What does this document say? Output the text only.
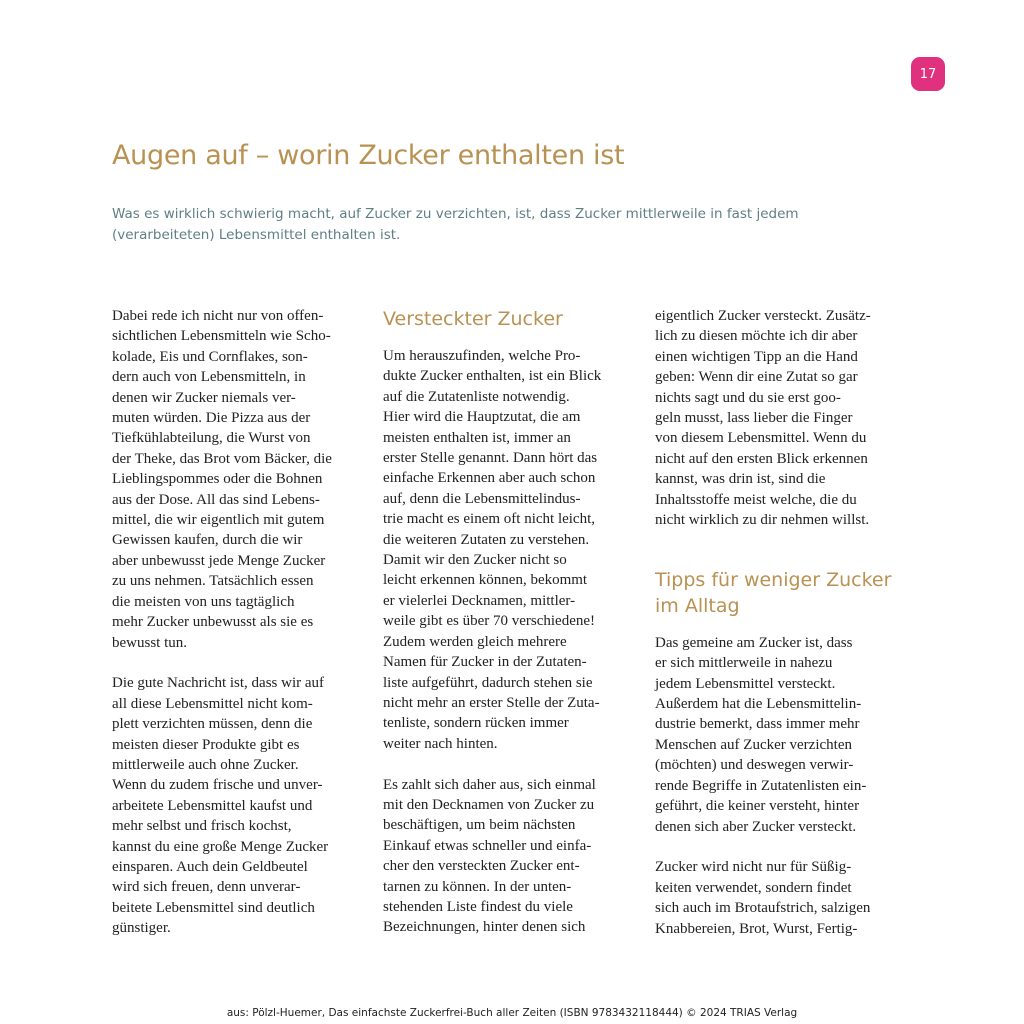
17
Augen auf – worin Zucker enthalten ist

Was es wirklich schwierig macht, auf Zucker zu verzichten, ist, dass Zucker mittlerweile in fast jedem
(verarbeiteten) Lebensmittel enthalten ist.

Dabei rede ich nicht nur von offen-
sichtlichen Lebensmitteln wie Scho-
kolade, Eis und Cornflakes, son-
dern auch von Lebensmitteln, in
denen wir Zucker niemals ver-
muten würden. Die Pizza aus der
Tiefkühlabteilung, die Wurst von
der Theke, das Brot vom Bäcker, die
Lieblingspommes oder die Bohnen
aus der Dose. All das sind Lebens-
mittel, die wir eigentlich mit gutem
Gewissen kaufen, durch die wir
aber unbewusst jede Menge Zucker
zu uns nehmen. Tatsächlich essen
die meisten von uns tagtäglich
mehr Zucker unbewusst als sie es
bewusst tun.
Die gute Nachricht ist, dass wir auf
all diese Lebensmittel nicht kom-
plett verzichten müssen, denn die
meisten dieser Produkte gibt es
mittlerweile auch ohne Zucker.
Wenn du zudem frische und unver-
arbeitete Lebensmittel kaufst und
mehr selbst und frisch kochst,
kannst du eine große Menge Zucker
einsparen. Auch dein Geldbeutel
wird sich freuen, denn unverar-
beitete Lebensmittel sind deutlich
günstiger.
Versteckter Zucker
Um herauszufinden, welche Pro-
dukte Zucker enthalten, ist ein Blick
auf die Zutatenliste notwendig.
Hier wird die Hauptzutat, die am
meisten enthalten ist, immer an
erster Stelle genannt. Dann hört das
einfache Erkennen aber auch schon
auf, denn die Lebensmittelindus-
trie macht es einem oft nicht leicht,
die weiteren Zutaten zu verstehen.
Damit wir den Zucker nicht so
leicht erkennen können, bekommt
er vielerlei Decknamen, mittler-
weile gibt es über 70 verschiedene!
Zudem werden gleich mehrere
Namen für Zucker in der Zutaten-
liste aufgeführt, dadurch stehen sie
nicht mehr an erster Stelle der Zuta-
tenliste, sondern rücken immer
weiter nach hinten.
Es zahlt sich daher aus, sich einmal
mit den Decknamen von Zucker zu
beschäftigen, um beim nächsten
Einkauf etwas schneller und einfa-
cher den versteckten Zucker ent-
tarnen zu können. In der unten-
stehenden Liste findest du viele
Bezeichnungen, hinter denen sich
eigentlich Zucker versteckt. Zusätz-
lich zu diesen möchte ich dir aber
einen wichtigen Tipp an die Hand
geben: Wenn dir eine Zutat so gar
nichts sagt und du sie erst goo-
geln musst, lass lieber die Finger
von diesem Lebensmittel. Wenn du
nicht auf den ersten Blick erkennen
kannst, was drin ist, sind die
Inhaltsstoffe meist welche, die du
nicht wirklich zu dir nehmen willst.
Tipps für weniger Zucker
im Alltag
Das gemeine am Zucker ist, dass
er sich mittlerweile in nahezu
jedem Lebensmittel versteckt.
Außerdem hat die Lebensmittelin-
dustrie bemerkt, dass immer mehr
Menschen auf Zucker verzichten
(möchten) und deswegen verwir-
rende Begriffe in Zutatenlisten ein-
geführt, die keiner versteht, hinter
denen sich aber Zucker versteckt.
Zucker wird nicht nur für Süßig-
keiten verwendet, sondern findet
sich auch im Brotaufstrich, salzigen
Knabbereien, Brot, Wurst, Fertig-
aus: Pölzl-Huemer, Das einfachste Zuckerfrei-Buch aller Zeiten (ISBN 9783432118444) © 2024 TRIAS Verlag
